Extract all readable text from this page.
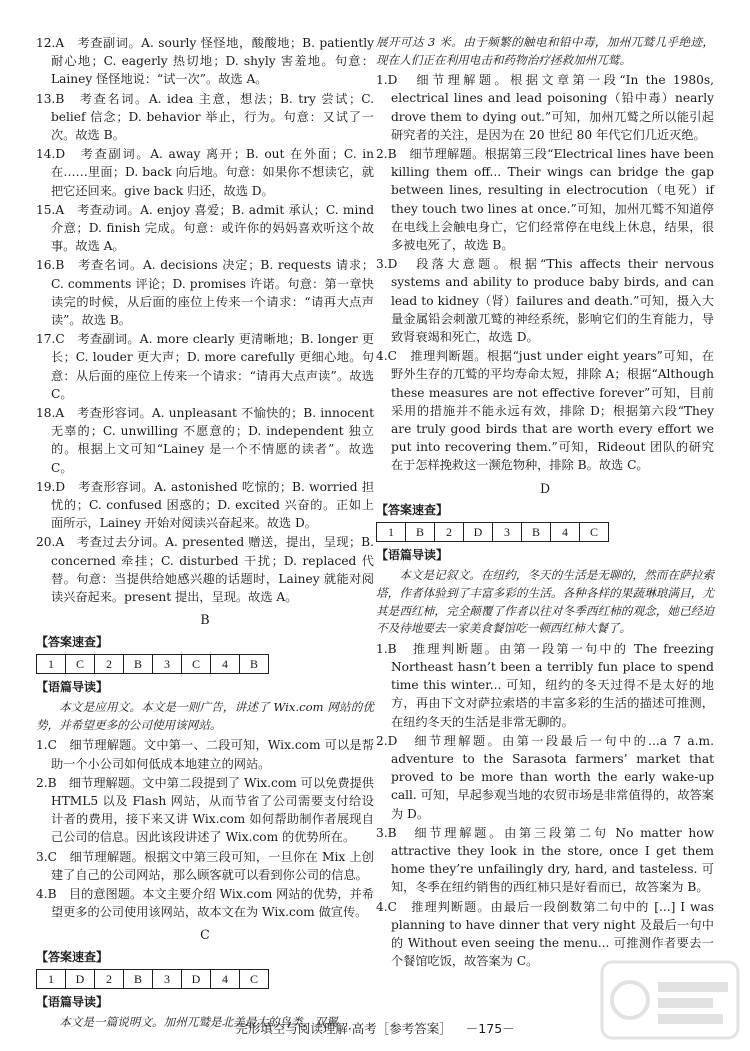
12.A　考查副词。A. sourly 怪怪地，酸酸地；B. patiently 耐心地；C. eagerly 热切地；D. shyly 害羞地。句意：Lainey 怪怪地说：“试一次”。故选 A。
13.B　考查名词。A. idea 主意，想法；B. try 尝试；C. belief 信念；D. behavior 举止，行为。句意：又试了一次。故选 B。
14.D　考查副词。A. away 离开；B. out 在外面；C. in 在……里面；D. back 向后地。句意：如果你不想读它，就把它还回来。give back 归还，故选 D。
15.A　考查动词。A. enjoy 喜爱；B. admit 承认；C. mind 介意；D. finish 完成。句意：或许你的妈妈喜欢听这个故事。故选 A。
16.B　考查名词。A. decisions 决定；B. requests 请求；C. comments 评论；D. promises 许诺。句意：第一章快读完的时候，从后面的座位上传来一个请求：“请再大点声读”。故选 B。
17.C　考查副词。A. more clearly 更清晰地；B. longer 更长；C. louder 更大声；D. more carefully 更细心地。句意：从后面的座位上传来一个请求：“请再大点声读”。故选 C。
18.A　考查形容词。A. unpleasant 不愉快的；B. innocent 无辜的；C. unwilling 不愿意的；D. independent 独立的。根据上文可知“Lainey 是一个不情愿的读者”。故选 C。
19.D　考查形容词。A. astonished 吃惊的；B. worried 担忧的；C. confused 困惑的；D. excited 兴奋的。正如上面所示，Lainey 开始对阅读兴奋起来。故选 D。
20.A　考查过去分词。A. presented 赠送，提出，呈现；B. concerned 牵挂；C. disturbed 干扰；D. replaced 代替。句意：当提供给她感兴趣的话题时，Lainey 就能对阅读兴奋起来。present 提出，呈现。故选 A。
B
【答案速查】
1	C	2	B	3	C	4	B
【语篇导读】
本文是应用文。本文是一则广告，讲述了 Wix.com 网站的优势，并希望更多的公司使用该网站。
1.C　细节理解题。文中第一、二段可知，Wix.com 可以是帮助一个小公司如何低成本地建立的网站。
2.B　细节理解题。文中第二段提到了 Wix.com 可以免费提供 HTML5 以及 Flash 网站，从而节省了公司需要支付给设计者的费用，接下来又讲 Wix.com 如何帮助制作者展现自己公司的信息。因此该段讲述了 Wix.com 的优势所在。
3.C　细节理解题。根据文中第三段可知，一旦你在 Mix 上创建了自己的公司网站，那么顾客就可以看到你公司的信息。
4.B　目的意图题。本文主要介绍 Wix.com 网站的优势，并希望更多的公司使用该网站，故本文在为 Wix.com 做宣传。
C
【答案速查】
1	D	2	B	3	D	4	C
【语篇导读】
本文是一篇说明文。加州兀鹫是北美最大的鸟类，双翼
展开可达 3 米。由于频繁的触电和铅中毒，加州兀鹫几乎绝迹，现在人们正在利用电击和药物治疗拯救加州兀鹫。
1.D　细节理解题。根据文章第一段“In the 1980s, electrical lines and lead poisoning（铅中毒）nearly drove them to dying out.”可知，加州兀鹫之所以能引起研究者的关注，是因为在 20 世纪 80 年代它们几近灭绝。
2.B　细节理解题。根据第三段“Electrical lines have been killing them off... Their wings can bridge the gap between lines, resulting in electrocution（电死）if they touch two lines at once.”可知，加州兀鹫不知道停在电线上会触电身亡，它们经常停在电线上休息，结果，很多被电死了，故选 B。
3.D　段落大意题。根据“This affects their nervous systems and ability to produce baby birds, and can lead to kidney（肾）failures and death.”可知，摄入大量金属铅会刺激兀鹫的神经系统，影响它们的生育能力，导致肾衰竭和死亡，故选 D。
4.C　推理判断题。根据“just under eight years”可知，在野外生存的兀鹫的平均寿命太短，排除 A；根据“Although these measures are not effective forever”可知，目前采用的措施并不能永远有效，排除 D；根据第六段“They are truly good birds that are worth every effort we put into recovering them.”可知，Rideout 团队的研究在于怎样挽救这一濒危物种，排除 B。故选 C。
D
【答案速查】
1	B	2	D	3	B	4	C
【语篇导读】
本文是记叙文。在纽约，冬天的生活是无聊的，然而在萨拉索塔，作者体验到了丰富多彩的生活。各种各样的果蔬琳琅满目，尤其是西红柿，完全颠覆了作者以往对冬季西红柿的观念，她已经迫不及待地要去一家美食餐馆吃一顿西红柿大餐了。
1.B　推理判断题。由第一段第一句中的 The freezing Northeast hasn’t been a terribly fun place to spend time this winter... 可知，纽约的冬天过得不是太好的地方，再由下文对萨拉索塔的丰富多彩的生活的描述可推测，在纽约冬天的生活是非常无聊的。
2.D　细节理解题。由第一段最后一句中的...a 7 a.m. adventure to the Sarasota farmers’ market that proved to be more than worth the early wake-up call. 可知，早起参观当地的农贸市场是非常值得的，故答案为 D。
3.B　细节理解题。由第三段第二句 No matter how attractive they look in the store, once I get them home they’re unfailingly dry, hard, and tasteless. 可知，冬季在纽约销售的西红柿只是好看而已，故答案为 B。
4.C　推理判断题。由最后一段倒数第二句中的 [...] I was planning to have dinner that very night 及最后一句中的 Without even seeing the menu... 可推测作者要去一个餐馆吃饭，故答案为 C。
完形填空与阅读理解·高考［参考答案］ －175－
